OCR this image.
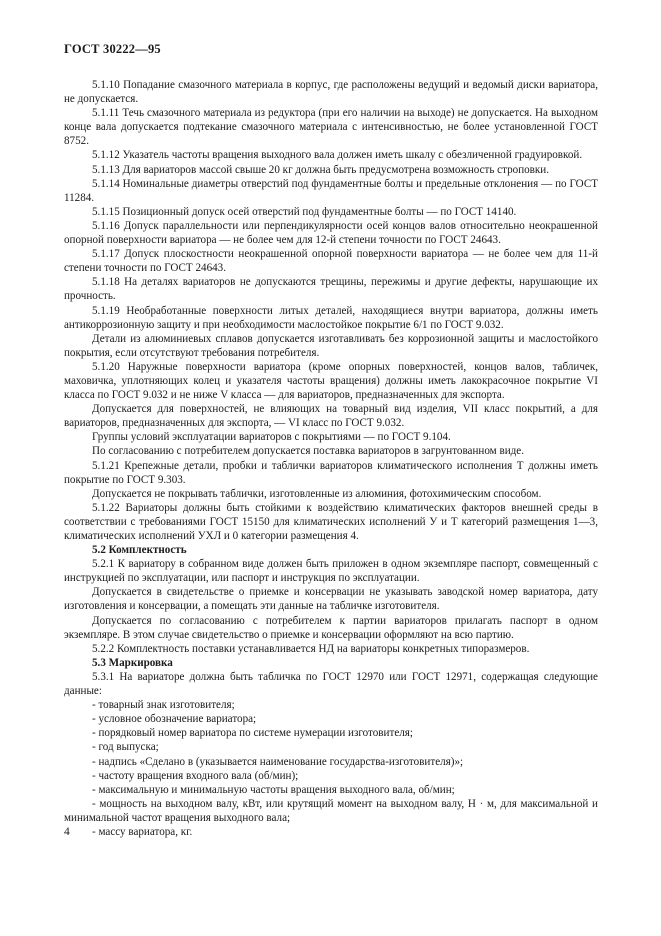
ГОСТ 30222—95

5.1.10 Попадание смазочного материала в корпус, где расположены ведущий и ведомый диски вариатора, не допускается.

5.1.11 Течь смазочного материала из редуктора (при его наличии на выходе) не допускается. На выходном конце вала допускается подтекание смазочного материала с интенсивностью, не более установленной ГОСТ 8752.

5.1.12 Указатель частоты вращения выходного вала должен иметь шкалу с обезличенной градуировкой.

5.1.13 Для вариаторов массой свыше 20 кг должна быть предусмотрена возможность строповки.

5.1.14 Номинальные диаметры отверстий под фундаментные болты и предельные отклонения — по ГОСТ 11284.

5.1.15 Позиционный допуск осей отверстий под фундаментные болты — по ГОСТ 14140.

5.1.16 Допуск параллельности или перпендикулярности осей концов валов относительно неокрашенной опорной поверхности вариатора — не более чем для 12-й степени точности по ГОСТ 24643.

5.1.17 Допуск плоскостности неокрашенной опорной поверхности вариатора — не более чем для 11-й степени точности по ГОСТ 24643.

5.1.18 На деталях вариаторов не допускаются трещины, пережимы и другие дефекты, нарушающие их прочность.

5.1.19 Необработанные поверхности литых деталей, находящиеся внутри вариатора, должны иметь антикоррозионную защиту и при необходимости маслостойкое покрытие 6/1 по ГОСТ 9.032.

Детали из алюминиевых сплавов допускается изготавливать без коррозионной защиты и маслостойкого покрытия, если отсутствуют требования потребителя.

5.1.20 Наружные поверхности вариатора (кроме опорных поверхностей, концов валов, табличек, маховичка, уплотняющих колец и указателя частоты вращения) должны иметь лакокрасочное покрытие VI класса по ГОСТ 9.032 и не ниже V класса — для вариаторов, предназначенных для экспорта.

Допускается для поверхностей, не влияющих на товарный вид изделия, VII класс покрытий, а для вариаторов, предназначенных для экспорта, — VI класс по ГОСТ 9.032.

Группы условий эксплуатации вариаторов с покрытиями — по ГОСТ 9.104.

По согласованию с потребителем допускается поставка вариаторов в загрунтованном виде.

5.1.21 Крепежные детали, пробки и таблички вариаторов климатического исполнения Т должны иметь покрытие по ГОСТ 9.303.

Допускается не покрывать таблички, изготовленные из алюминия, фотохимическим способом.

5.1.22 Вариаторы должны быть стойкими к воздействию климатических факторов внешней среды в соответствии с требованиями ГОСТ 15150 для климатических исполнений У и Т категорий размещения 1—3, климатических исполнений УХЛ и 0 категории размещения 4.

5.2 Комплектность

5.2.1 К вариатору в собранном виде должен быть приложен в одном экземпляре паспорт, совмещенный с инструкцией по эксплуатации, или паспорт и инструкция по эксплуатации.

Допускается в свидетельстве о приемке и консервации не указывать заводской номер вариатора, дату изготовления и консервации, а помещать эти данные на табличке изготовителя.

Допускается по согласованию с потребителем к партии вариаторов прилагать паспорт в одном экземпляре. В этом случае свидетельство о приемке и консервации оформляют на всю партию.

5.2.2 Комплектность поставки устанавливается НД на вариаторы конкретных типоразмеров.

5.3 Маркировка

5.3.1 На вариаторе должна быть табличка по ГОСТ 12970 или ГОСТ 12971, содержащая следующие данные:

- товарный знак изготовителя;

- условное обозначение вариатора;

- порядковый номер вариатора по системе нумерации изготовителя;

- год выпуска;

- надпись «Сделано в (указывается наименование государства-изготовителя)»;

- частоту вращения входного вала (об/мин);

- максимальную и минимальную частоты вращения выходного вала, об/мин;

- мощность на выходном валу, кВт, или крутящий момент на выходном валу, Н · м, для максимальной и минимальной частот вращения выходного вала;

- массу вариатора, кг.

4
